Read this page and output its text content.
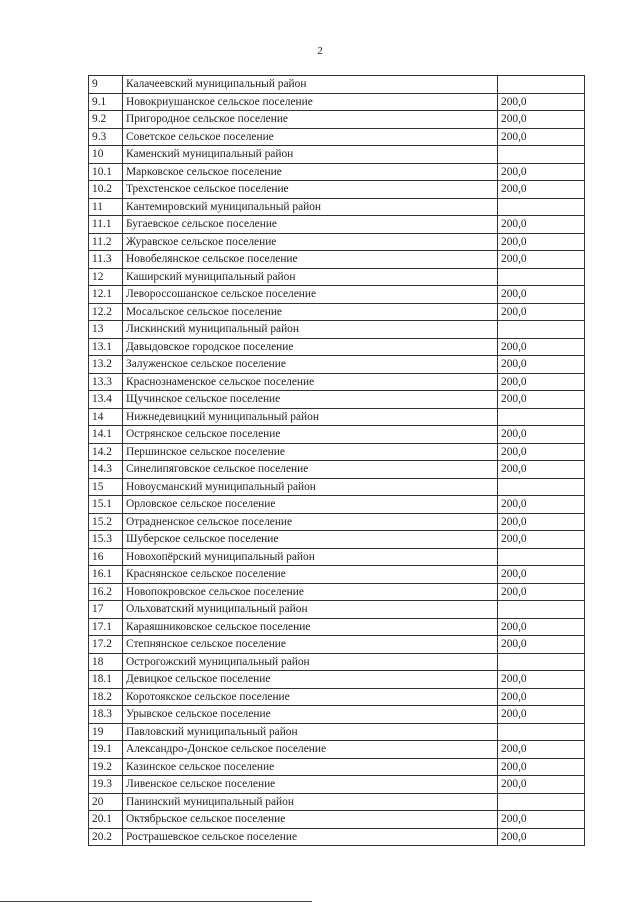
2
9	Калачеевский муниципальный район	
9.1	Новокриушанское сельское поселение	200,0
9.2	Пригородное сельское поселение	200,0
9.3	Советское сельское поселение	200,0
10	Каменский муниципальный район	
10.1	Марковское сельское поселение	200,0
10.2	Трехстенское сельское поселение	200,0
11	Кантемировский муниципальный район	
11.1	Бугаевское сельское поселение	200,0
11.2	Журавское сельское поселение	200,0
11.3	Новобелянское сельское поселение	200,0
12	Каширский муниципальный район	
12.1	Левороссошанское сельское поселение	200,0
12.2	Мосальское сельское поселение	200,0
13	Лискинский муниципальный район	
13.1	Давыдовское городское поселение	200,0
13.2	Залуженское сельское поселение	200,0
13.3	Краснознаменское сельское поселение	200,0
13.4	Щучинское сельское поселение	200,0
14	Нижнедевицкий муниципальный район	
14.1	Острянское сельское поселение	200,0
14.2	Першинское сельское поселение	200,0
14.3	Синелипяговское сельское поселение	200,0
15	Новоусманский муниципальный район	
15.1	Орловское сельское поселение	200,0
15.2	Отрадненское сельское поселение	200,0
15.3	Шуберское сельское поселение	200,0
16	Новохопёрский муниципальный район	
16.1	Краснянское сельское поселение	200,0
16.2	Новопокровское сельское поселение	200,0
17	Ольховатский муниципальный район	
17.1	Караяшниковское сельское поселение	200,0
17.2	Степнянское сельское поселение	200,0
18	Острогожский муниципальный район	
18.1	Девицкое сельское поселение	200,0
18.2	Коротоякское сельское поселение	200,0
18.3	Урывское сельское поселение	200,0
19	Павловский муниципальный район	
19.1	Александро-Донское сельское поселение	200,0
19.2	Казинское сельское поселение	200,0
19.3	Ливенское сельское поселение	200,0
20	Панинский муниципальный район	
20.1	Октябрьское сельское поселение	200,0
20.2	Рострашевское сельское поселение	200,0
